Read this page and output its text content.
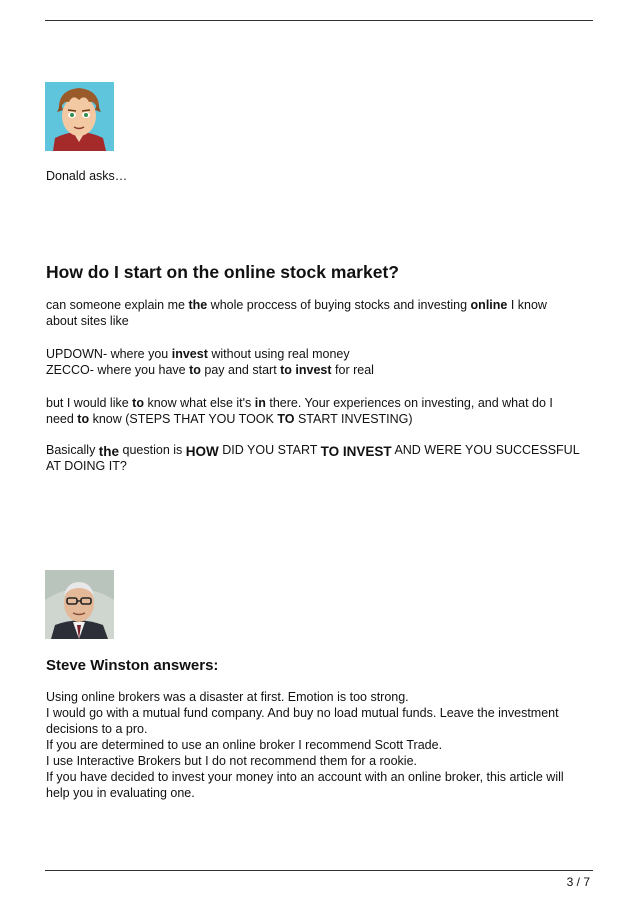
Donald asks…
How do I start on the online stock market?
can someone explain me the whole proccess of buying stocks and investing online I know
about sites like
UPDOWN- where you invest without using real money
ZECCO- where you have to pay and start to invest for real
but I would like to know what else it's in there. Your experiences on investing, and what do I
need to know (STEPS THAT YOU TOOK TO START INVESTING)
Basically the question is HOW DID YOU START TO INVEST AND WERE YOU SUCCESSFUL
AT DOING IT?
Steve Winston answers:
Using online brokers was a disaster at first. Emotion is too strong.
I would go with a mutual fund company. And buy no load mutual funds. Leave the investment
decisions to a pro.
If you are determined to use an online broker I recommend Scott Trade.
I use Interactive Brokers but I do not recommend them for a rookie.
If you have decided to invest your money into an account with an online broker, this article will
help you in evaluating one.
3 / 7
